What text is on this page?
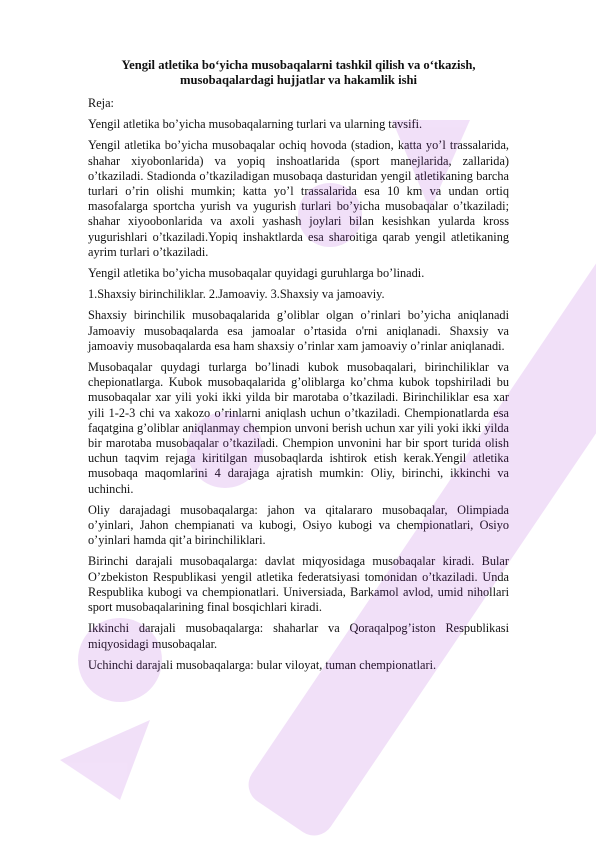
Yengil atletika bo‘yicha musobaqalarni tashkil qilish va o‘tkazish,
musobaqalardagi hujjatlar va hakamlik ishi

Reja:

Yengil atletika bo’yicha musobaqalarning turlari va ularning tavsifi.

Yengil atletika bo’yicha musobaqalar ochiq hovoda (stadion, katta yo’l trassalarida, shahar xiyobonlarida) va yopiq inshoatlarida (sport manejlarida, zallarida) o’tkaziladi. Stadionda o’tkaziladigan musobaqa dasturidan yengil atletikaning barcha turlari o’rin olishi mumkin; katta yo’l trassalarida esa 10 km va undan ortiq masofalarga sportcha yurish va yugurish turlari bo’yicha musobaqalar o’tkaziladi; shahar xiyoobonlarida va axoli yashash joylari bilan kesishkan yularda kross yugurishlari o’tkaziladi.Yopiq inshaktlarda esa sharoitiga qarab yengil atletikaning ayrim turlari o’tkaziladi.

Yengil atletika bo’yicha musobaqalar quyidagi guruhlarga bo’linadi.

1.Shaxsiy birinchiliklar. 2.Jamoaviy. 3.Shaxsiy va jamoaviy.

Shaxsiy birinchilik musobaqalarida g’oliblar olgan o’rinlari bo’yicha aniqlanadi Jamoaviy musobaqalarda esa jamoalar o’rtasida o'rni aniqlanadi. Shaxsiy va jamoaviy musobaqalarda esa ham shaxsiy o’rinlar xam jamoaviy o’rinlar aniqlanadi.

Musobaqalar quydagi turlarga bo’linadi kubok musobaqalari, birinchiliklar va chepionatlarga. Kubok musobaqalarida g’oliblarga ko’chma kubok topshiriladi bu musobaqalar xar yili yoki ikki yilda bir marotaba o’tkaziladi. Birinchiliklar esa xar yili 1-2-3 chi va xakozo o’rinlarni aniqlash uchun o’tkaziladi. Chempionatlarda esa faqatgina g’oliblar aniqlanmay chempion unvoni berish uchun xar yili yoki ikki yilda bir marotaba musobaqalar o’tkaziladi. Chempion unvonini har bir sport turida olish uchun taqvim rejaga kiritilgan musobaqlarda ishtirok etish kerak.Yengil atletika musobaqa maqomlarini 4 darajaga ajratish mumkin: Oliy, birinchi, ikkinchi va uchinchi.

Oliy darajadagi musobaqalarga: jahon va qitalararo musobaqalar, Olimpiada o’yinlari, Jahon chempianati va kubogi, Osiyo kubogi va chempionatlari, Osiyo o’yinlari hamda qit’a birinchiliklari.

Birinchi darajali musobaqalarga: davlat miqyosidaga musobaqalar kiradi. Bular O’zbekiston Respublikasi yengil atletika federatsiyasi tomonidan o’tkaziladi. Unda Respublika kubogi va chempionatlari. Universiada, Barkamol avlod, umid nihollari sport musobaqalarining final bosqichlari kiradi.

Ikkinchi darajali musobaqalarga: shaharlar va Qoraqalpog’iston Respublikasi miqyosidagi musobaqalar.

Uchinchi darajali musobaqalarga: bular viloyat, tuman chempionatlari.
